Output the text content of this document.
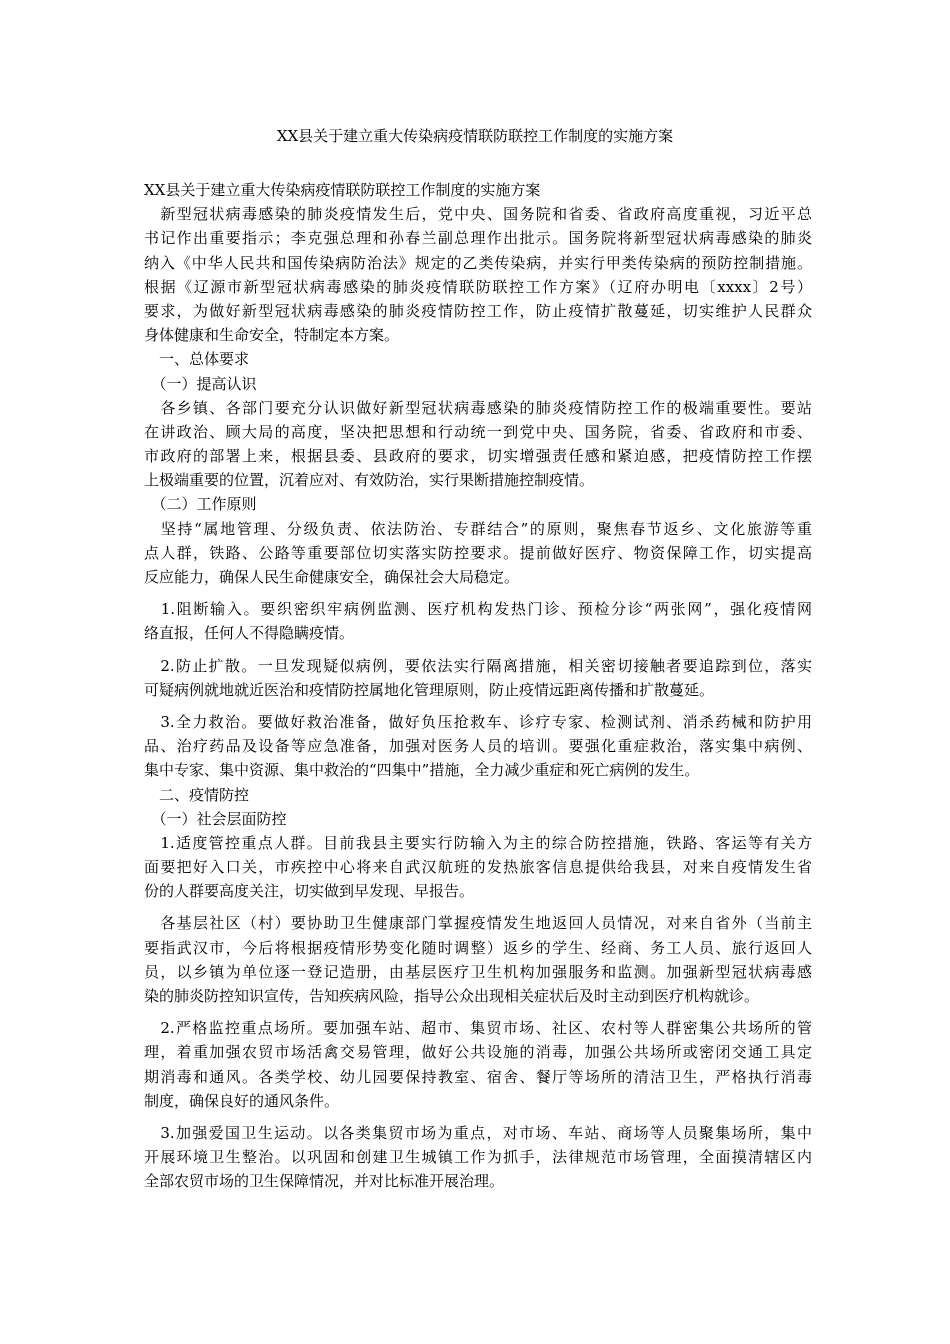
XX县关于建立重大传染病疫情联防联控工作制度的实施方案
XX县关于建立重大传染病疫情联防联控工作制度的实施方案
　新型冠状病毒感染的肺炎疫情发生后，党中央、国务院和省委、省政府高度重视，习近平总
书记作出重要指示；李克强总理和孙春兰副总理作出批示。国务院将新型冠状病毒感染的肺炎
纳入《中华人民共和国传染病防治法》规定的乙类传染病，并实行甲类传染病的预防控制措施。
根据《辽源市新型冠状病毒感染的肺炎疫情联防联控工作方案》（辽府办明电〔xxxx〕2号）
要求，为做好新型冠状病毒感染的肺炎疫情防控工作，防止疫情扩散蔓延，切实维护人民群众
身体健康和生命安全，特制定本方案。
　一、总体要求
　（一）提高认识
　各乡镇、各部门要充分认识做好新型冠状病毒感染的肺炎疫情防控工作的极端重要性。要站
在讲政治、顾大局的高度，坚决把思想和行动统一到党中央、国务院，省委、省政府和市委、
市政府的部署上来，根据县委、县政府的要求，切实增强责任感和紧迫感，把疫情防控工作摆
上极端重要的位置，沉着应对、有效防治，实行果断措施控制疫情。
　（二）工作原则
　坚持“属地管理、分级负责、依法防治、专群结合”的原则，聚焦春节返乡、文化旅游等重
点人群，铁路、公路等重要部位切实落实防控要求。提前做好医疗、物资保障工作，切实提高
反应能力，确保人民生命健康安全，确保社会大局稳定。
　1.阻断输入。要织密织牢病例监测、医疗机构发热门诊、预检分诊“两张网”，强化疫情网
络直报，任何人不得隐瞒疫情。
　2.防止扩散。一旦发现疑似病例，要依法实行隔离措施，相关密切接触者要追踪到位，落实
可疑病例就地就近医治和疫情防控属地化管理原则，防止疫情远距离传播和扩散蔓延。
　3.全力救治。要做好救治准备，做好负压抢救车、诊疗专家、检测试剂、消杀药械和防护用
品、治疗药品及设备等应急准备，加强对医务人员的培训。要强化重症救治，落实集中病例、
集中专家、集中资源、集中救治的“四集中”措施，全力减少重症和死亡病例的发生。
　二、疫情防控
　（一）社会层面防控
　1.适度管控重点人群。目前我县主要实行防输入为主的综合防控措施，铁路、客运等有关方
面要把好入口关，市疾控中心将来自武汉航班的发热旅客信息提供给我县，对来自疫情发生省
份的人群要高度关注，切实做到早发现、早报告。
　各基层社区（村）要协助卫生健康部门掌握疫情发生地返回人员情况，对来自省外（当前主
要指武汉市，今后将根据疫情形势变化随时调整）返乡的学生、经商、务工人员、旅行返回人
员，以乡镇为单位逐一登记造册，由基层医疗卫生机构加强服务和监测。加强新型冠状病毒感
染的肺炎防控知识宣传，告知疾病风险，指导公众出现相关症状后及时主动到医疗机构就诊。
　2.严格监控重点场所。要加强车站、超市、集贸市场、社区、农村等人群密集公共场所的管
理，着重加强农贸市场活禽交易管理，做好公共设施的消毒，加强公共场所或密闭交通工具定
期消毒和通风。各类学校、幼儿园要保持教室、宿舍、餐厅等场所的清洁卫生，严格执行消毒
制度，确保良好的通风条件。
　3.加强爱国卫生运动。以各类集贸市场为重点，对市场、车站、商场等人员聚集场所，集中
开展环境卫生整治。以巩固和创建卫生城镇工作为抓手，法律规范市场管理，全面摸清辖区内
全部农贸市场的卫生保障情况，并对比标准开展治理。
